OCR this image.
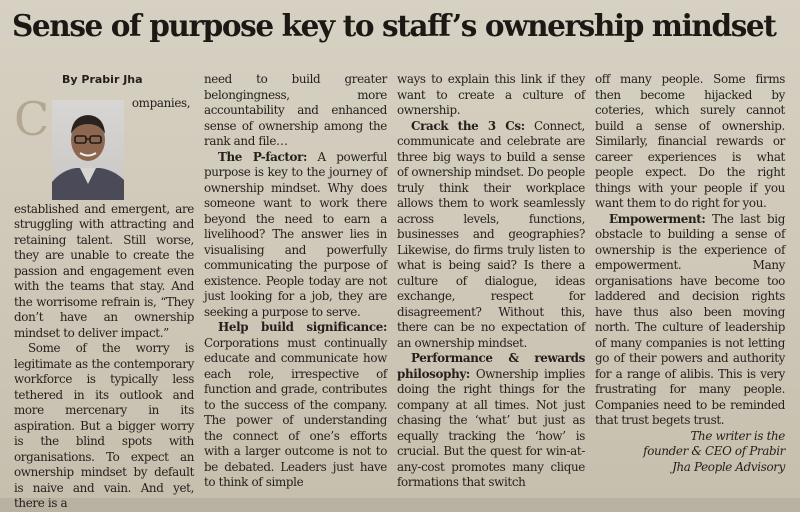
Sense of purpose key to staff’s ownership mindset
By Prabir Jha
C	ompanies, established and emergent, are struggling with attracting and retaining talent. Still worse, they are unable to create the passion and engagement even with the teams that stay. And the worrisome refrain is, “They don’t have an ownership mindset to deliver impact.”

Some of the worry is legitimate as the contemporary workforce is typically less tethered in its outlook and more mercenary in its aspiration. But a bigger worry is the blind spots with organisations. To expect an ownership mindset by default is naive and vain. And yet, there is a

need to build greater belongingness, more accountability and enhanced sense of ownership among the rank and file…

The P-factor: A powerful purpose is key to the journey of ownership mindset. Why does someone want to work there beyond the need to earn a livelihood? The answer lies in visualising and powerfully communicating the purpose of existence. People today are not just looking for a job, they are seeking a purpose to serve.

Help build significance: Corporations must continually educate and communicate how each role, irrespective of function and grade, contributes to the success of the company. The power of understanding the connect of one’s efforts with a larger outcome is not to be debated. Leaders just have to think of simple

ways to explain this link if they want to create a culture of ownership.

Crack the 3 Cs: Connect, communicate and celebrate are three big ways to build a sense of ownership mindset. Do people truly think their workplace allows them to work seamlessly across levels, functions, businesses and geographies? Likewise, do firms truly listen to what is being said? Is there a culture of dialogue, ideas exchange, respect for disagreement? Without this, there can be no expectation of an ownership mindset.

Performance & rewards philosophy: Ownership implies doing the right things for the company at all times. Not just chasing the ‘what’ but just as equally tracking the ‘how’ is crucial. But the quest for win-at-any-cost promotes many clique formations that switch

off many people. Some firms then become hijacked by coteries, which surely cannot build a sense of ownership. Similarly, financial rewards or career experiences is what people expect. Do the right things with your people if you want them to do right for you.

Empowerment: The last big obstacle to building a sense of ownership is the experience of empowerment. Many organisations have become too laddered and decision rights have thus also been moving north. The culture of leadership of many companies is not letting go of their powers and authority for a range of alibis. This is very frustrating for many people. Companies need to be reminded that trust begets trust.

The writer is the
founder & CEO of Prabir
Jha People Advisory
